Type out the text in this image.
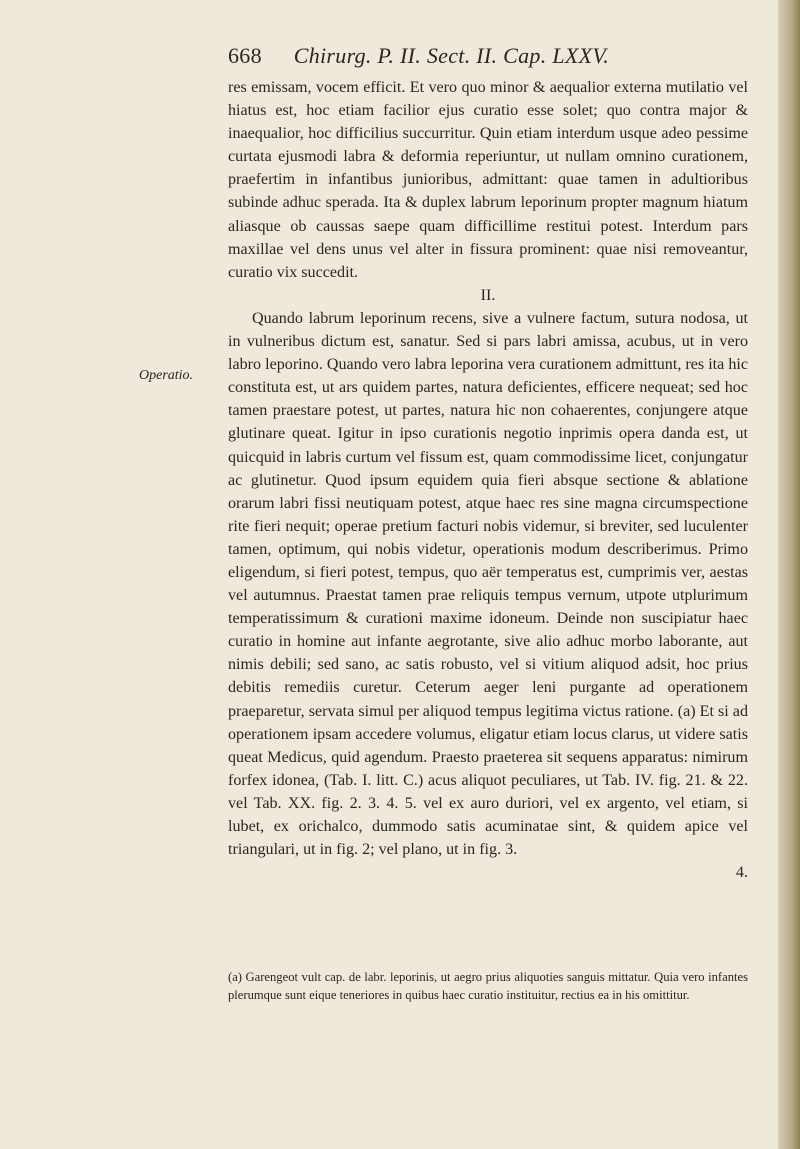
668 Chirurg. P. II. Sect. II. Cap. LXXV.
Operatio.

res emissam, vocem efficit. Et vero quo minor & aequalior externa mutilatio vel hiatus est, hoc etiam facilior ejus curatio esse solet; quo contra major & inaequalior, hoc difficilius succurritur. Quin etiam interdum usque adeo pessime curtata ejusmodi labra & deformia reperiuntur, ut nullam omnino curationem, praefertim in infantibus junioribus, admittant: quae tamen in adultioribus subinde adhuc sperada. Ita & duplex labrum leporinum propter magnum hiatum aliasque ob caussas saepe quam difficillime restitui potest. Interdum pars maxillae vel dens unus vel alter in fissura prominent: quae nisi removeantur, curatio vix succedit.

II.

Quando labrum leporinum recens, sive a vulnere factum, sutura nodosa, ut in vulneribus dictum est, sanatur. Sed si pars labri amissa, acubus, ut in vero labro leporino. Quando vero labra leporina vera curationem admittunt, res ita hic constituta est, ut ars quidem partes, natura deficientes, efficere nequeat; sed hoc tamen praestare potest, ut partes, natura hic non cohaerentes, conjungere atque glutinare queat. Igitur in ipso curationis negotio inprimis opera danda est, ut quicquid in labris curtum vel fissum est, quam commodissime licet, conjungatur ac glutinetur. Quod ipsum equidem quia fieri absque sectione & ablatione orarum labri fissi neutiquam potest, atque haec res sine magna circumspectione rite fieri nequit; operae pretium facturi nobis videmur, si breviter, sed luculenter tamen, optimum, qui nobis videtur, operationis modum describerimus. Primo eligendum, si fieri potest, tempus, quo aër temperatus est, cumprimis ver, aestas vel autumnus. Praestat tamen prae reliquis tempus vernum, utpote utplurimum temperatissimum & curationi maxime idoneum. Deinde non suscipiatur haec curatio in homine aut infante aegrotante, sive alio adhuc morbo laborante, aut nimis debili; sed sano, ac satis robusto, vel si vitium aliquod adsit, hoc prius debitis remediis curetur. Ceterum aeger leni purgante ad operationem praeparetur, servata simul per aliquod tempus legitima victus ratione. (a) Et si ad operationem ipsam accedere volumus, eligatur etiam locus clarus, ut videre satis queat Medicus, quid agendum. Praesto praeterea sit sequens apparatus: nimirum forfex idonea, (Tab. I. litt. C.) acus aliquot peculiares, ut Tab. IV. fig. 21. & 22. vel Tab. XX. fig. 2. 3. 4. 5. vel ex auro duriori, vel ex argento, vel etiam, si lubet, ex orichalco, dummodo satis acuminatae sint, & quidem apice vel triangulari, ut in fig. 2; vel plano, ut in fig. 3.

4.

(a) Garengeot vult cap. de labr. leporinis, ut aegro prius aliquoties sanguis mittatur. Quia vero infantes plerumque sunt eique teneriores in quibus haec curatio instituitur, rectius ea in his omittitur.
